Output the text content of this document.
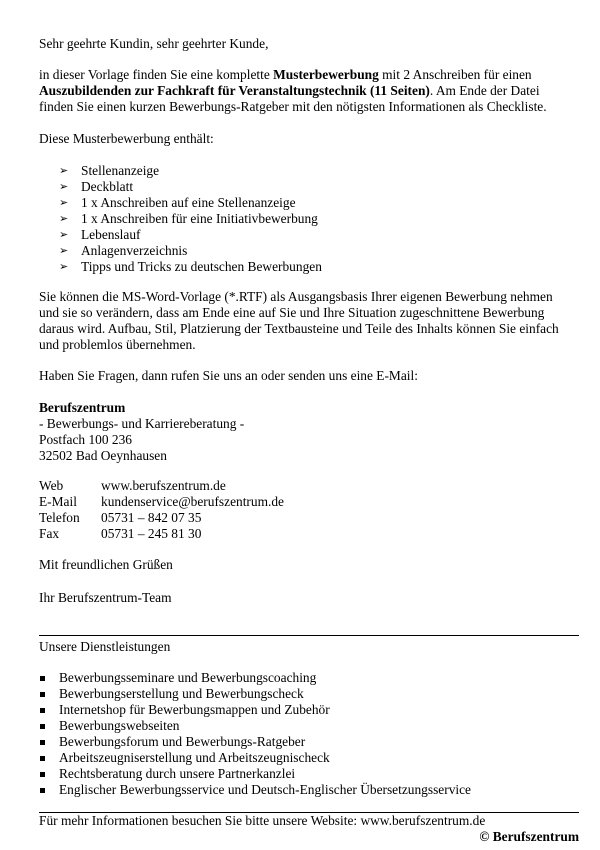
Sehr geehrte Kundin, sehr geehrter Kunde,

in dieser Vorlage finden Sie eine komplette Musterbewerbung mit 2 Anschreiben für einen
Auszubildenden zur Fachkraft für Veranstaltungstechnik (11 Seiten). Am Ende der Datei
finden Sie einen kurzen Bewerbungs-Ratgeber mit den nötigsten Informationen als Checkliste.

Diese Musterbewerbung enthält:

➢ Stellenanzeige
➢ Deckblatt
➢ 1 x Anschreiben auf eine Stellenanzeige
➢ 1 x Anschreiben für eine Initiativbewerbung
➢ Lebenslauf
➢ Anlagenverzeichnis
➢ Tipps und Tricks zu deutschen Bewerbungen
Sie können die MS-Word-Vorlage (*.RTF) als Ausgangsbasis Ihrer eigenen Bewerbung nehmen
und sie so verändern, dass am Ende eine auf Sie und Ihre Situation zugeschnittene Bewerbung
daraus wird. Aufbau, Stil, Platzierung der Textbausteine und Teile des Inhalts können Sie einfach
und problemlos übernehmen.

Haben Sie Fragen, dann rufen Sie uns an oder senden uns eine E-Mail:

Berufszentrum
- Bewerbungs- und Karriereberatung -
Postfach 100 236
32502 Bad Oeynhausen
Web	www.berufszentrum.de
E-Mail kundenservice@berufszentrum.de
Telefon 05731 – 842 07 35
Fax	05731 – 245 81 30

Mit freundlichen Grüßen

Ihr Berufszentrum-Team

Unsere Dienstleistungen

Bewerbungsseminare und Bewerbungscoaching
Bewerbungserstellung und Bewerbungscheck
Internetshop für Bewerbungsmappen und Zubehör
Bewerbungswebseiten
Bewerbungsforum und Bewerbungs-Ratgeber
Arbeitszeugniserstellung und Arbeitszeugnischeck
Rechtsberatung durch unsere Partnerkanzlei
Englischer Bewerbungsservice und Deutsch-Englischer Übersetzungsservice

Für mehr Informationen besuchen Sie bitte unsere Website: www.berufszentrum.de

© Berufszentrum
